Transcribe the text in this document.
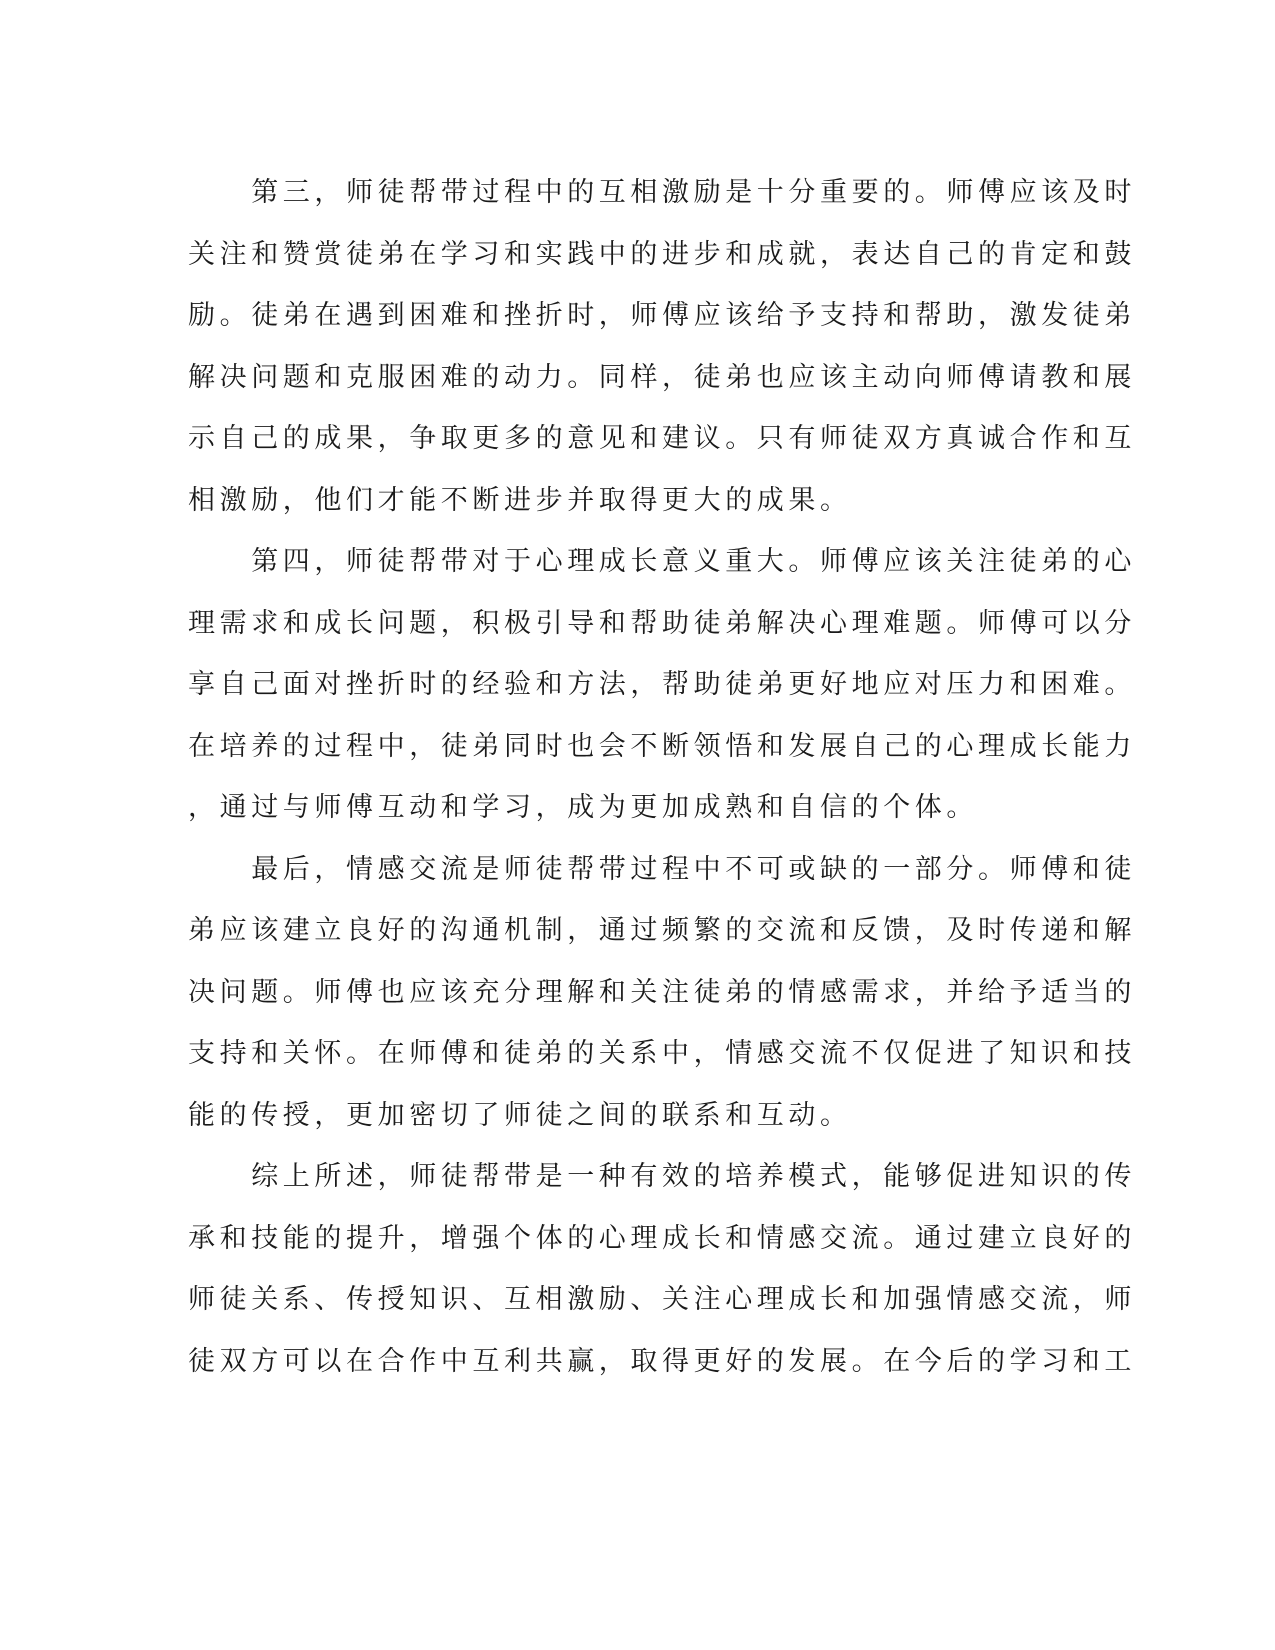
　　第三，师徒帮带过程中的互相激励是十分重要的。师傅应该及时
关注和赞赏徒弟在学习和实践中的进步和成就，表达自己的肯定和鼓
励。徒弟在遇到困难和挫折时，师傅应该给予支持和帮助，激发徒弟
解决问题和克服困难的动力。同样，徒弟也应该主动向师傅请教和展
示自己的成果，争取更多的意见和建议。只有师徒双方真诚合作和互
相激励，他们才能不断进步并取得更大的成果。
　　第四，师徒帮带对于心理成长意义重大。师傅应该关注徒弟的心
理需求和成长问题，积极引导和帮助徒弟解决心理难题。师傅可以分
享自己面对挫折时的经验和方法，帮助徒弟更好地应对压力和困难。
在培养的过程中，徒弟同时也会不断领悟和发展自己的心理成长能力
，通过与师傅互动和学习，成为更加成熟和自信的个体。
　　最后，情感交流是师徒帮带过程中不可或缺的一部分。师傅和徒
弟应该建立良好的沟通机制，通过频繁的交流和反馈，及时传递和解
决问题。师傅也应该充分理解和关注徒弟的情感需求，并给予适当的
支持和关怀。在师傅和徒弟的关系中，情感交流不仅促进了知识和技
能的传授，更加密切了师徒之间的联系和互动。
　　综上所述，师徒帮带是一种有效的培养模式，能够促进知识的传
承和技能的提升，增强个体的心理成长和情感交流。通过建立良好的
师徒关系、传授知识、互相激励、关注心理成长和加强情感交流，师
徒双方可以在合作中互利共赢，取得更好的发展。在今后的学习和工
